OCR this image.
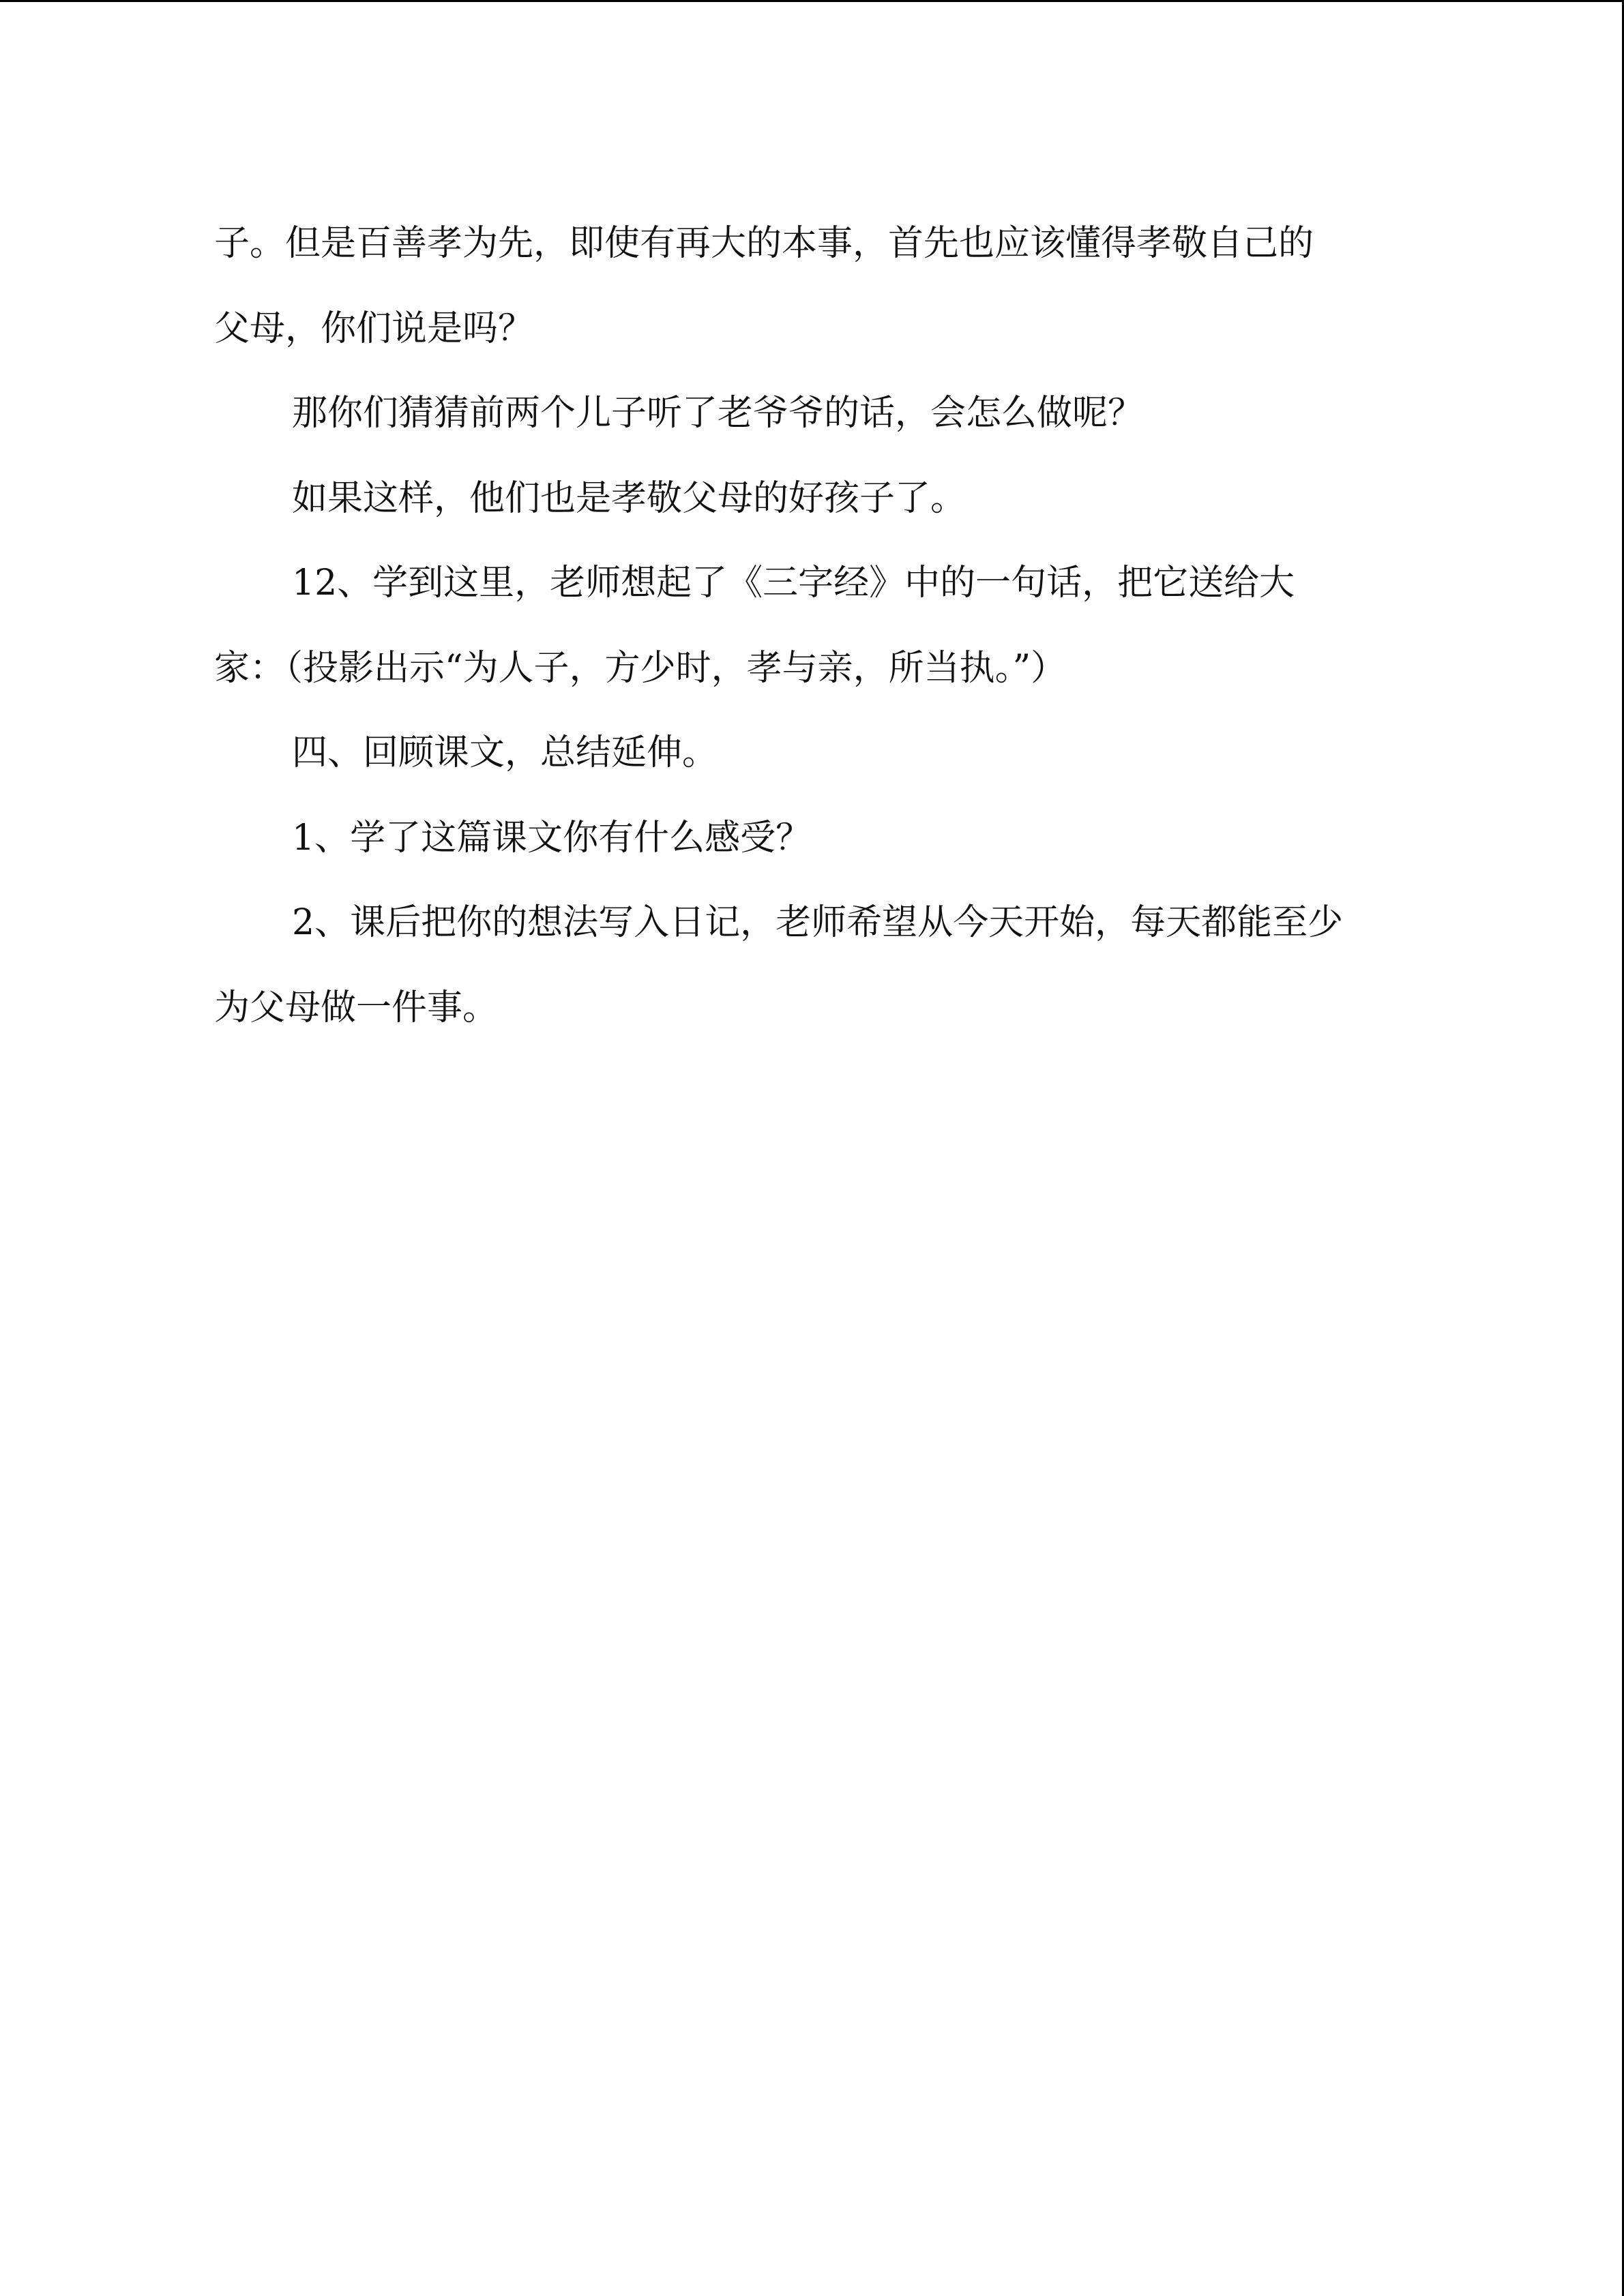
子。但是百善孝为先，即使有再大的本事，首先也应该懂得孝敬自己的
父母，你们说是吗？
那你们猜猜前两个儿子听了老爷爷的话，会怎么做呢？
如果这样，他们也是孝敬父母的好孩子了。
12、学到这里，老师想起了《三字经》中的一句话，把它送给大
家：（投影出示“为人子，方少时，孝与亲，所当执。”）
四、回顾课文，总结延伸。
1、学了这篇课文你有什么感受？
2、课后把你的想法写入日记，老师希望从今天开始，每天都能至少
为父母做一件事。
